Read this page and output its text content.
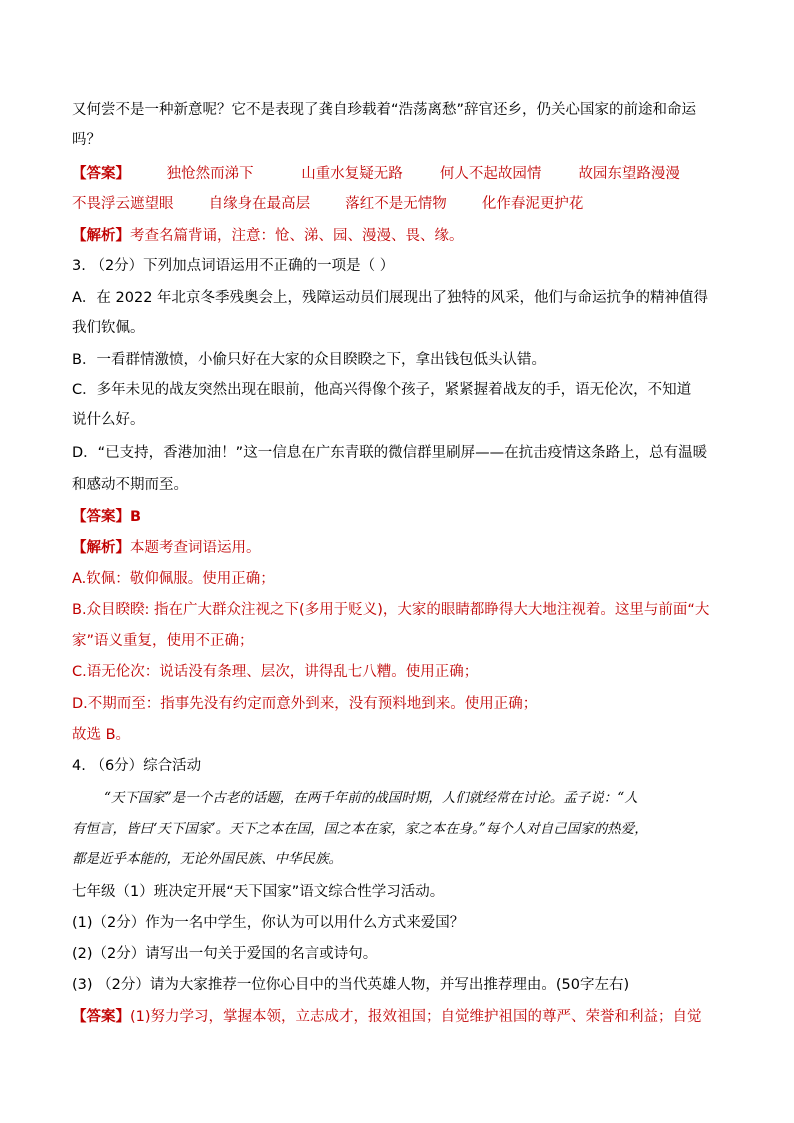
又何尝不是一种新意呢？它不是表现了龚自珍载着“浩荡离愁”辞官还乡，仍关心国家的前途和命运
吗？
【答案】	独怆然而涕下	山重水复疑无路	何人不起故园情	故园东望路漫漫
不畏浮云遮望眼 自缘身在最高层 落红不是无情物 化作春泥更护花
【解析】考查名篇背诵，注意：怆、涕、园、漫漫、畏、缘。
3. （2分）下列加点词语运用不正确的一项是（ ）
A．在 2022 年北京冬季残奥会上，残障运动员们展现出了独特的风采，他们与命运抗争的精神值得
我们钦佩。
B．一看群情激愤，小偷只好在大家的众目睽睽之下，拿出钱包低头认错。
C．多年未见的战友突然出现在眼前，他高兴得像个孩子，紧紧握着战友的手，语无伦次，不知道
说什么好。
D．“已支持，香港加油！”这一信息在广东青联的微信群里刷屏——在抗击疫情这条路上，总有温暖
和感动不期而至。
【答案】B
【解析】本题考查词语运用。
A.钦佩：敬仰佩服。使用正确；
B.众目睽睽: 指在广大群众注视之下(多用于贬义)，大家的眼睛都睁得大大地注视着。这里与前面“大
家”语义重复，使用不正确；
C.语无伦次：说话没有条理、层次，讲得乱七八糟。使用正确；
D.不期而至：指事先没有约定而意外到来，没有预料地到来。使用正确；
故选 B。
4. （6分）综合活动
“天下国家”是一个古老的话题，在两千年前的战国时期，人们就经常在讨论。孟子说：“人
有恒言，皆曰‘天下国家’。天下之本在国，国之本在家，家之本在身。”每个人对自己国家的热爱，
都是近乎本能的，无论外国民族、中华民族。
七年级（1）班决定开展“天下国家”语文综合性学习活动。
(1)（2分）作为一名中学生，你认为可以用什么方式来爱国？
(2)（2分）请写出一句关于爱国的名言或诗句。
(3) （2分）请为大家推荐一位你心目中的当代英雄人物，并写出推荐理由。(50字左右)
【答案】(1)努力学习，掌握本领，立志成才，报效祖国；自觉维护祖国的尊严、荣誉和利益；自觉
